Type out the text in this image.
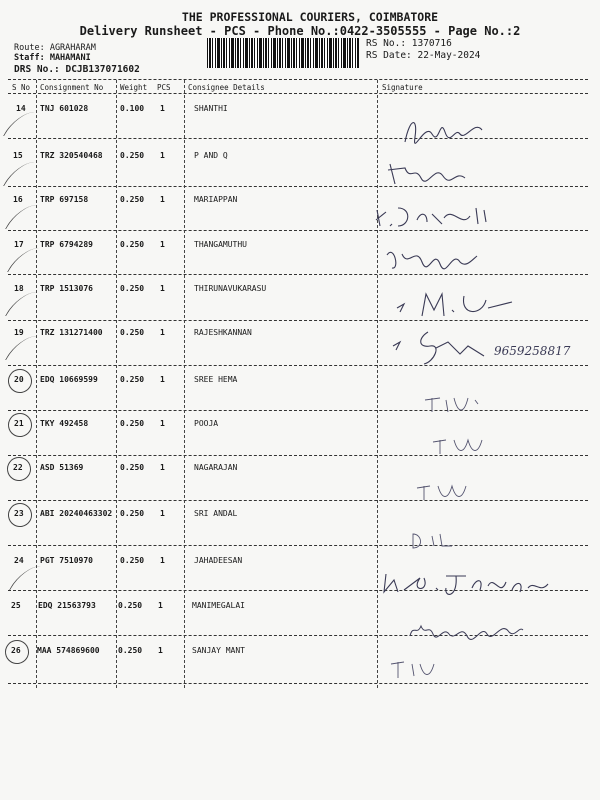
THE PROFESSIONAL COURIERS, COIMBATORE
Delivery Runsheet - PCS - Phone No.:0422-3505555 - Page No.:2
Route: AGRAHARAM
Staff: MAHAMANI
DRS No.: DCJB137071602
RS No.: 1370716
RS Date: 22-May-2024
S No Consignment No Weight PCS Consignee Details	Signature
14 TNJ 601028	0.100 1	SHANTHI
15 TRZ 320540468 0.250 1	P AND Q
16 TRP 697158	0.250 1	MARIAPPAN
17 TRP 6794289	0.250 1	THANGAMUTHU
18 TRP 1513076	0.250 1	THIRUNAVUKARASU
19 TRZ 131271400 0.250 1	RAJESHKANNAN
20 EDQ 10669599	0.250 1	SREE HEMA
21 TKY 492458	0.250 1	POOJA
22 ASD 51369	0.250 1	NAGARAJAN
23 ABI 20240463302 0.250 1	SRI ANDAL
24 PGT 7510970	0.250 1	JAHADEESAN
25 EDQ 21563793	0.250 1	MANIMEGALAI
26 MAA 574869600 0.250 1	SANJAY MANT
9659258817
